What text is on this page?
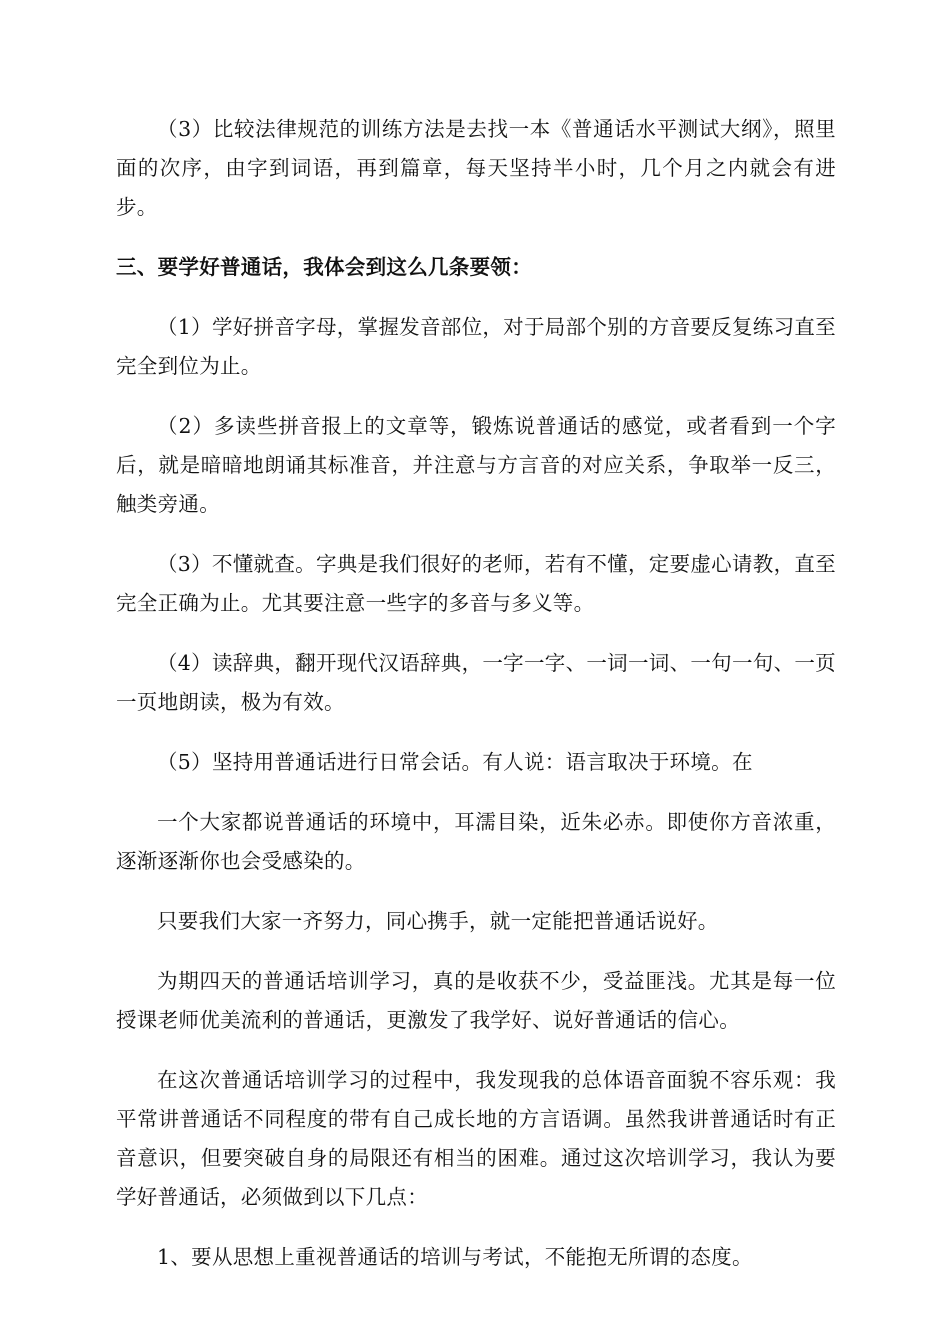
（3）比较法律规范的训练方法是去找一本《普通话水平测试大纲》，照里面的次序，由字到词语，再到篇章，每天坚持半小时，几个月之内就会有进步。

三、要学好普通话，我体会到这么几条要领：

（1）学好拼音字母，掌握发音部位，对于局部个别的方音要反复练习直至完全到位为止。

（2）多读些拼音报上的文章等，锻炼说普通话的感觉，或者看到一个字后，就是暗暗地朗诵其标准音，并注意与方言音的对应关系，争取举一反三，触类旁通。

（3）不懂就查。字典是我们很好的老师，若有不懂，定要虚心请教，直至完全正确为止。尤其要注意一些字的多音与多义等。

（4）读辞典，翻开现代汉语辞典，一字一字、一词一词、一句一句、一页一页地朗读，极为有效。

（5）坚持用普通话进行日常会话。有人说：语言取决于环境。在

一个大家都说普通话的环境中，耳濡目染，近朱必赤。即使你方音浓重，逐渐逐渐你也会受感染的。

只要我们大家一齐努力，同心携手，就一定能把普通话说好。

为期四天的普通话培训学习，真的是收获不少，受益匪浅。尤其是每一位授课老师优美流利的普通话，更激发了我学好、说好普通话的信心。

在这次普通话培训学习的过程中，我发现我的总体语音面貌不容乐观：我平常讲普通话不同程度的带有自己成长地的方言语调。虽然我讲普通话时有正音意识，但要突破自身的局限还有相当的困难。通过这次培训学习，我认为要学好普通话，必须做到以下几点：

1、要从思想上重视普通话的培训与考试，不能抱无所谓的态度。
